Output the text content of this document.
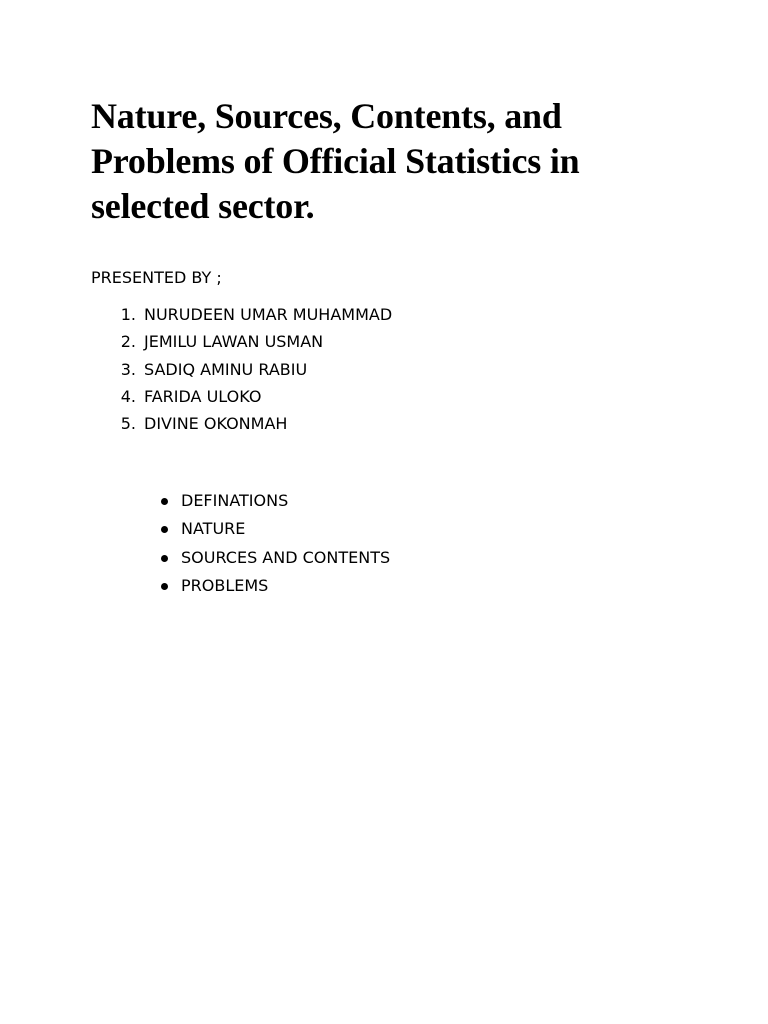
Nature, Sources, Contents, and Problems of Official Statistics in selected sector.

PRESENTED BY ;

1. NURUDEEN UMAR MUHAMMAD
2. JEMILU LAWAN USMAN
3. SADIQ AMINU RABIU
4. FARIDA ULOKO
5. DIVINE OKONMAH
DEFINATIONS
NATURE
SOURCES AND CONTENTS
PROBLEMS
